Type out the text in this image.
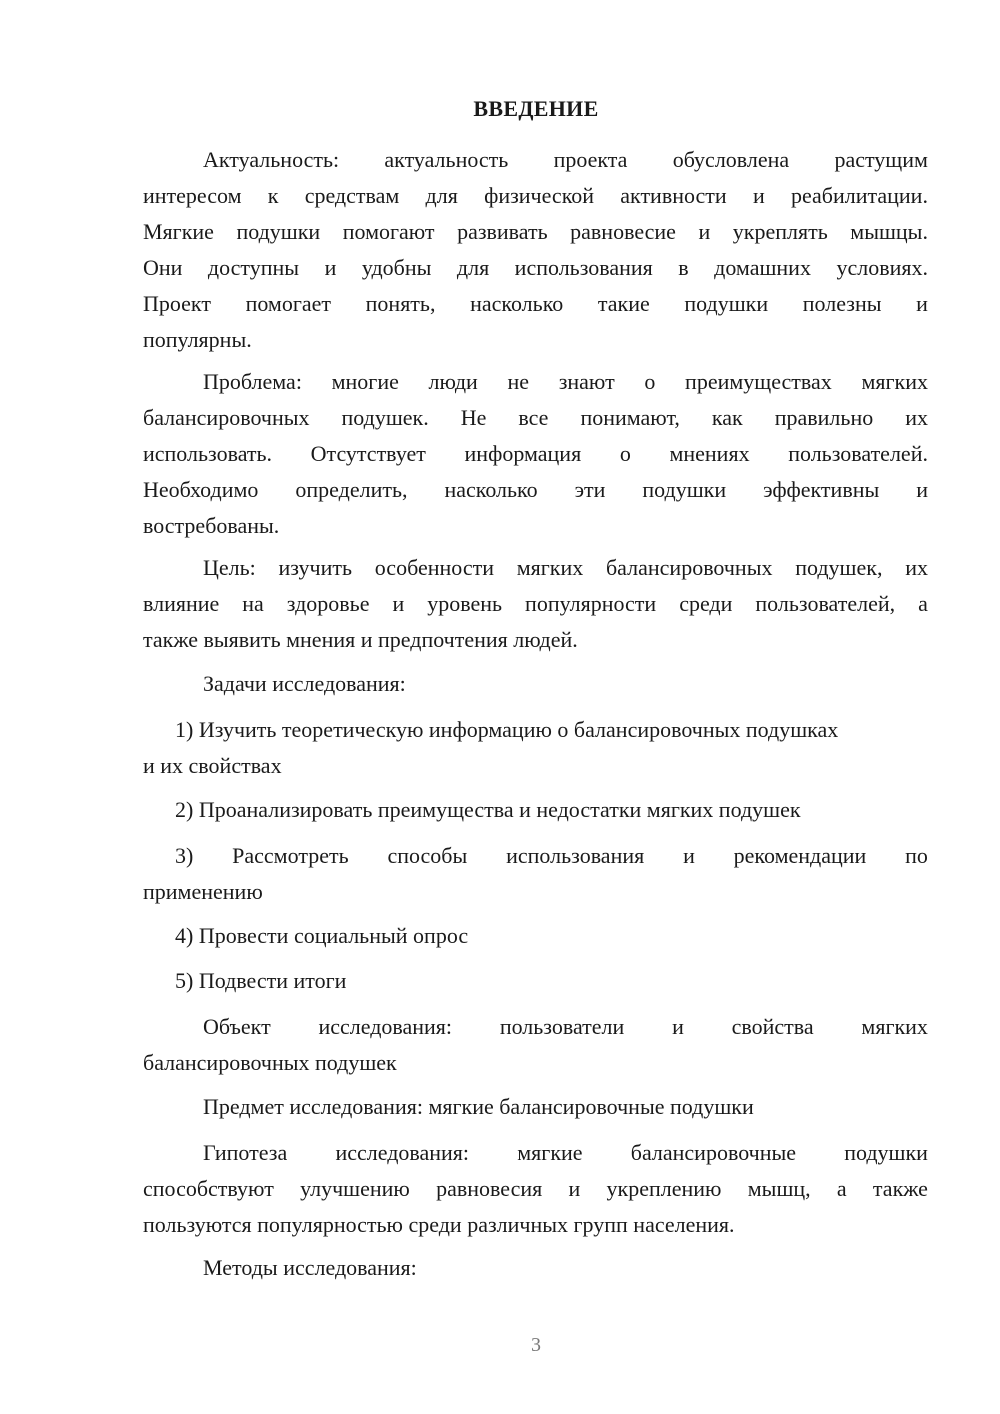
ВВЕДЕНИЕ
Актуальность: актуальность проекта обусловлена растущим
интересом к средствам для физической активности и реабилитации.
Мягкие подушки помогают развивать равновесие и укреплять мышцы.
Они доступны и удобны для использования в домашних условиях.
Проект помогает понять, насколько такие подушки полезны и
популярны.
Проблема: многие люди не знают о преимуществах мягких
балансировочных подушек. Не все понимают, как правильно их
использовать. Отсутствует информация о мнениях пользователей.
Необходимо определить, насколько эти подушки эффективны и
востребованы.
Цель: изучить особенности мягких балансировочных подушек, их
влияние на здоровье и уровень популярности среди пользователей, а
также выявить мнения и предпочтения людей.
Задачи исследования:
1) Изучить теоретическую информацию о балансировочных подушках
и их свойствах
2) Проанализировать преимущества и недостатки мягких подушек
3) Рассмотреть способы использования и рекомендации по
применению
4) Провести социальный опрос
5) Подвести итоги
Объект исследования: пользователи и свойства мягких
балансировочных подушек
Предмет исследования: мягкие балансировочные подушки
Гипотеза исследования: мягкие балансировочные подушки
способствуют улучшению равновесия и укреплению мышц, а также
пользуются популярностью среди различных групп населения.
Методы исследования:
3
